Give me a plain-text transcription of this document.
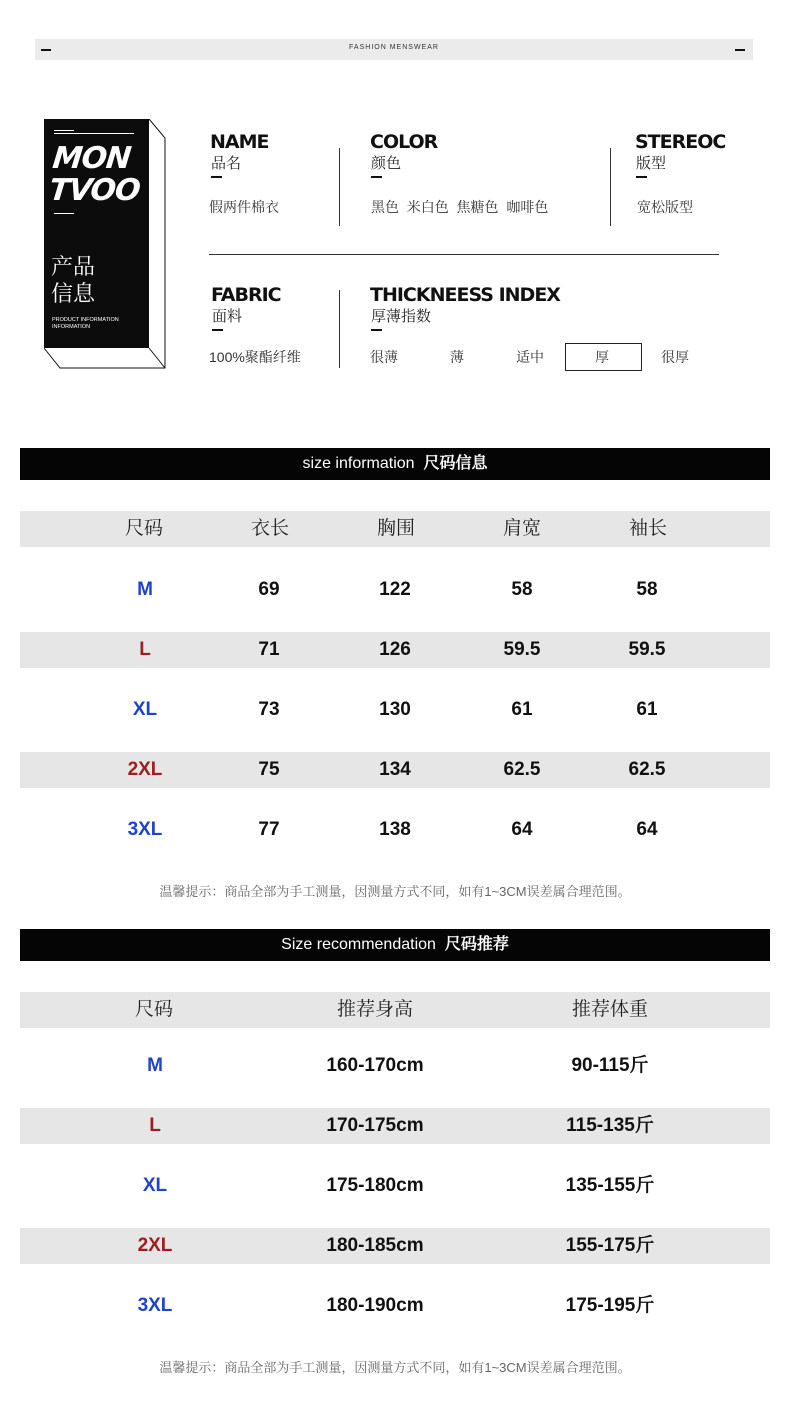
FASHION MENSWEAR
MON
TVOO
产品
信息
PRODUCT INFORMATION
INFORMATION
NAME
品名
假两件棉衣
COLOR
颜色
黑色  米白色  焦糖色  咖啡色
STEREOC
版型
宽松版型
FABRIC
面料
100%聚酯纤维
THICKNEESS INDEX
厚薄指数
很薄	薄	适中	厚	很厚
size information 尺码信息
尺码	衣长	胸围	肩宽	袖长
M	69	122	58	58
L	71	126	59.5	59.5
XL	73	130	61	61
2XL	75	134	62.5	62.5
3XL	77	138	64	64
温馨提示：商品全部为手工测量，因测量方式不同，如有1~3CM误差属合理范围。
Size recommendation 尺码推荐
尺码	推荐身高	推荐体重
M	160-170cm	90-115斤
L	170-175cm	115-135斤
XL	175-180cm	135-155斤
2XL	180-185cm	155-175斤
3XL	180-190cm	175-195斤
温馨提示：商品全部为手工测量，因测量方式不同，如有1~3CM误差属合理范围。
